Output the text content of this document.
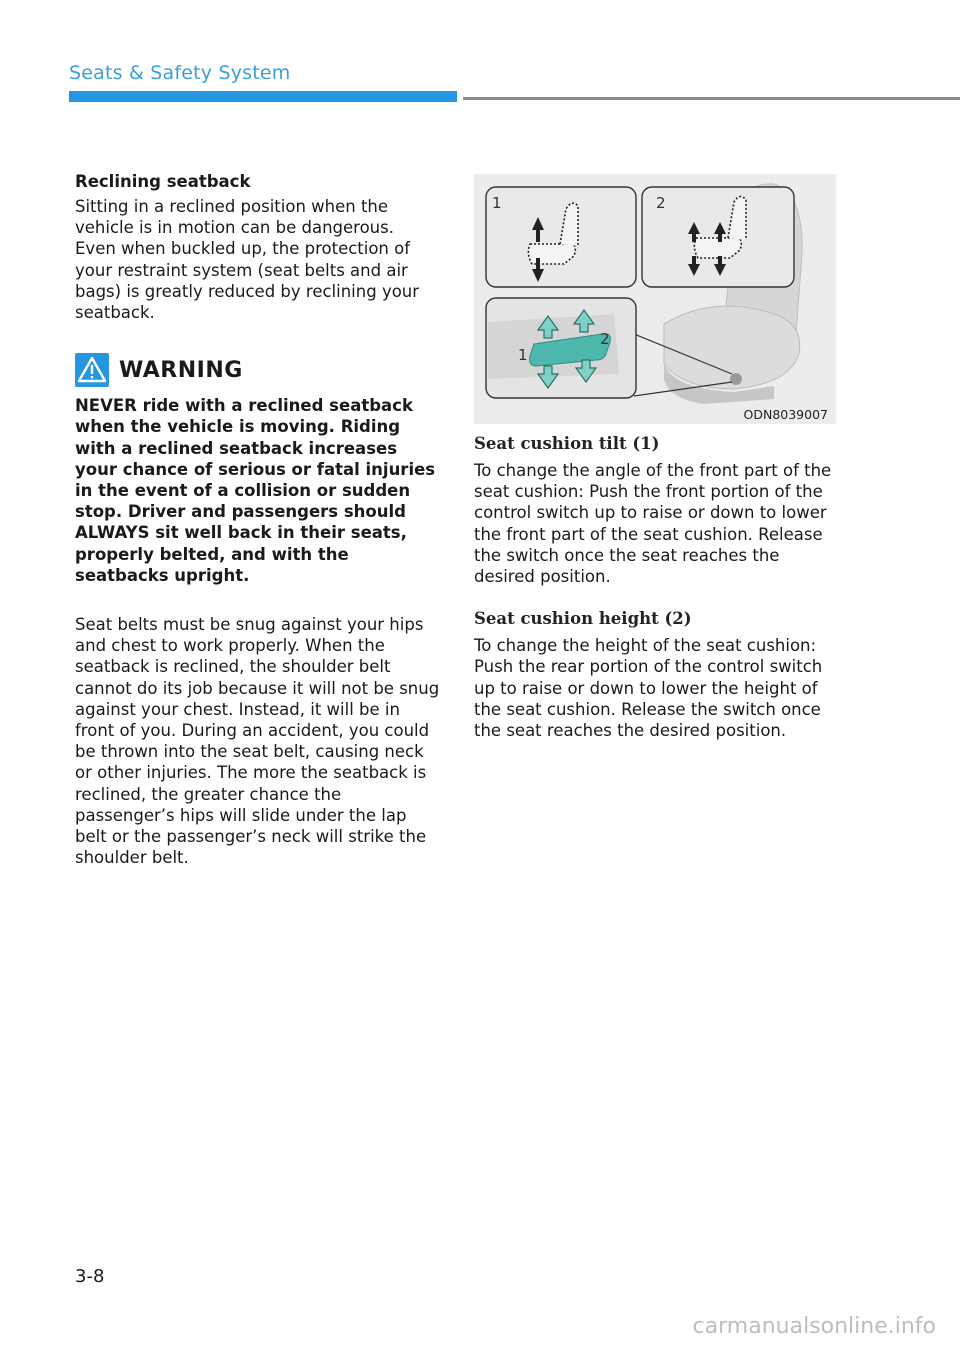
Seats & Safety System

Reclining seatback

Sitting in a reclined position when the vehicle is in motion can be dangerous. Even when buckled up, the protection of your restraint system (seat belts and air bags) is greatly reduced by reclining your seatback.

WARNING

NEVER ride with a reclined seatback when the vehicle is moving. Riding with a reclined seatback increases your chance of serious or fatal injuries in the event of a collision or sudden stop. Driver and passengers should ALWAYS sit well back in their seats, properly belted, and with the seatbacks upright.

Seat belts must be snug against your hips and chest to work properly. When the seatback is reclined, the shoulder belt cannot do its job because it will not be snug against your chest. Instead, it will be in front of you. During an accident, you could be thrown into the seat belt, causing neck or other injuries. The more the seatback is reclined, the greater chance the passenger’s hips will slide under the lap belt or the passenger’s neck will strike the shoulder belt.

1	2
1
2
ODN8039007

Seat cushion tilt (1)

To change the angle of the front part of the seat cushion: Push the front portion of the control switch up to raise or down to lower the front part of the seat cushion. Release the switch once the seat reaches the desired position.

Seat cushion height (2)

To change the height of the seat cushion: Push the rear portion of the control switch up to raise or down to lower the height of the seat cushion. Release the switch once the seat reaches the desired position.

3-8
carmanualsonline.info
